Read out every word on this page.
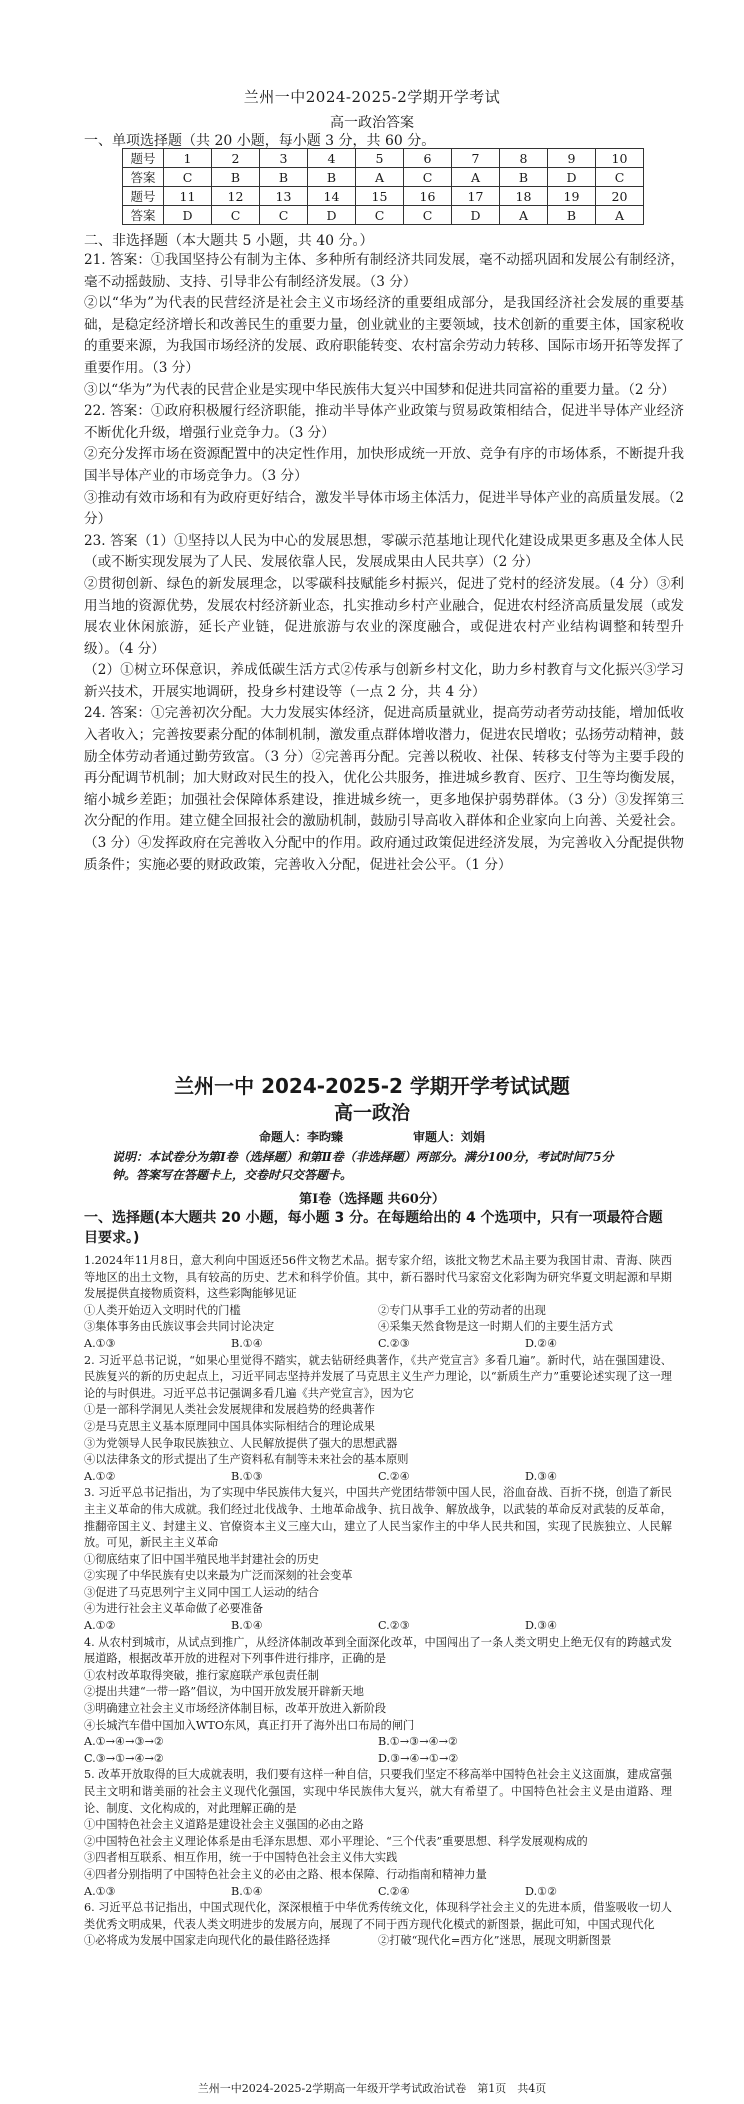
兰州一中2024-2025-2学期开学考试
高一政治答案
一、单项选择题（共 20 小题，每小题 3 分，共 60 分。
题号	1	2	3	4	5	6	7	8	9	10
答案	C	B	B	B	A	C	A	B	D	C
题号	11	12	13	14	15	16	17	18	19	20
答案	D	C	C	D	C	C	D	A	B	A
二、非选择题（本大题共 5 小题，共 40 分。）

21. 答案：①我国坚持公有制为主体、多种所有制经济共同发展，毫不动摇巩固和发展公有制经济，毫不动摇鼓励、支持、引导非公有制经济发展。（3 分）

②以“华为”为代表的民营经济是社会主义市场经济的重要组成部分，是我国经济社会发展的重要基础，是稳定经济增长和改善民生的重要力量，创业就业的主要领域，技术创新的重要主体，国家税收的重要来源，为我国市场经济的发展、政府职能转变、农村富余劳动力转移、国际市场开拓等发挥了重要作用。（3 分）

③以“华为”为代表的民营企业是实现中华民族伟大复兴中国梦和促进共同富裕的重要力量。（2 分）

22. 答案：①政府积极履行经济职能，推动半导体产业政策与贸易政策相结合，促进半导体产业经济不断优化升级，增强行业竞争力。（3 分）

②充分发挥市场在资源配置中的决定性作用，加快形成统一开放、竞争有序的市场体系，不断提升我国半导体产业的市场竞争力。（3 分）

③推动有效市场和有为政府更好结合，激发半导体市场主体活力，促进半导体产业的高质量发展。（2 分）

23. 答案（1）①坚持以人民为中心的发展思想，零碳示范基地让现代化建设成果更多惠及全体人民（或不断实现发展为了人民、发展依靠人民，发展成果由人民共享）（2 分）

②贯彻创新、绿色的新发展理念，以零碳科技赋能乡村振兴，促进了党村的经济发展。（4 分）③利用当地的资源优势，发展农村经济新业态，扎实推动乡村产业融合，促进农村经济高质量发展（或发展农业休闲旅游，延长产业链，促进旅游与农业的深度融合，或促进农村产业结构调整和转型升级）。（4 分）

（2）①树立环保意识，养成低碳生活方式②传承与创新乡村文化，助力乡村教育与文化振兴③学习新兴技术，开展实地调研，投身乡村建设等（一点 2 分，共 4 分）

24. 答案：①完善初次分配。大力发展实体经济，促进高质量就业，提高劳动者劳动技能，增加低收入者收入；完善按要素分配的体制机制，激发重点群体增收潜力，促进农民增收；弘扬劳动精神，鼓励全体劳动者通过勤劳致富。（3 分）②完善再分配。完善以税收、社保、转移支付等为主要手段的再分配调节机制；加大财政对民生的投入，优化公共服务，推进城乡教育、医疗、卫生等均衡发展，缩小城乡差距；加强社会保障体系建设，推进城乡统一，更多地保护弱势群体。（3 分）③发挥第三次分配的作用。建立健全回报社会的激励机制，鼓励引导高收入群体和企业家向上向善、关爱社会。（3 分）④发挥政府在完善收入分配中的作用。政府通过政策促进经济发展，为完善收入分配提供物质条件；实施必要的财政政策，完善收入分配，促进社会公平。（1 分）

兰州一中 2024-2025-2 学期开学考试试题
高一政治
命题人：李昀臻	审题人：刘娟
说明：本试卷分为第Ⅰ卷（选择题）和第Ⅱ卷（非选择题）两部分。满分100分，考试时间75分钟。答案写在答题卡上，交卷时只交答题卡。
第Ⅰ卷（选择题 共60分）
一、选择题(本大题共 20 小题，每小题 3 分。在每题给出的 4 个选项中，只有一项最符合题目要求。)

1.2024年11月8日，意大利向中国返还56件文物艺术品。据专家介绍，该批文物艺术品主要为我国甘肃、青海、陕西等地区的出土文物，具有较高的历史、艺术和科学价值。其中，新石器时代马家窑文化彩陶为研究华夏文明起源和早期发展提供直接物质资料，这些彩陶能够见证

①人类开始迈入文明时代的门槛	②专门从事手工业的劳动者的出现
③集体事务由氏族议事会共同讨论决定	④采集天然食物是这一时期人们的主要生活方式
A.①③	B.①④	C.②③	D.②④

2. 习近平总书记说，“如果心里觉得不踏实，就去钻研经典著作，《共产党宣言》多看几遍”。新时代，站在强国建设、民族复兴的新的历史起点上，习近平同志坚持并发展了马克思主义生产力理论，以“新质生产力”重要论述实现了这一理论的与时俱进。习近平总书记强调多看几遍《共产党宣言》，因为它

①是一部科学洞见人类社会发展规律和发展趋势的经典著作

②是马克思主义基本原理同中国具体实际相结合的理论成果

③为党领导人民争取民族独立、人民解放提供了强大的思想武器

④以法律条文的形式提出了生产资料私有制等未来社会的基本原则

A.①②	B.①③	C.②④	D.③④

3. 习近平总书记指出，为了实现中华民族伟大复兴，中国共产党团结带领中国人民，浴血奋战、百折不挠，创造了新民主主义革命的伟大成就。我们经过北伐战争、土地革命战争、抗日战争、解放战争，以武装的革命反对武装的反革命，推翻帝国主义、封建主义、官僚资本主义三座大山，建立了人民当家作主的中华人民共和国，实现了民族独立、人民解放。可见，新民主主义革命

①彻底结束了旧中国半殖民地半封建社会的历史

②实现了中华民族有史以来最为广泛而深刻的社会变革

③促进了马克思列宁主义同中国工人运动的结合

④为进行社会主义革命做了必要准备

A.①②	B.①④	C.②③	D.③④

4. 从农村到城市，从试点到推广，从经济体制改革到全面深化改革，中国闯出了一条人类文明史上绝无仅有的跨越式发展道路，根据改革开放的进程对下列事件进行排序，正确的是

①农村改革取得突破，推行家庭联产承包责任制

②提出共建“一带一路”倡议，为中国开放发展开辟新天地

③明确建立社会主义市场经济体制目标，改革开放进入新阶段

④长城汽车借中国加入WTO东风，真正打开了海外出口布局的闸门

A.①→④→③→②	B.①→③→④→②
C.③→①→④→②	D.③→④→①→②

5. 改革开放取得的巨大成就表明，我们要有这样一种自信，只要我们坚定不移高举中国特色社会主义这面旗，建成富强民主文明和谐美丽的社会主义现代化强国，实现中华民族伟大复兴，就大有希望了。中国特色社会主义是由道路、理论、制度、文化构成的，对此理解正确的是

①中国特色社会主义道路是建设社会主义强国的必由之路

②中国特色社会主义理论体系是由毛泽东思想、邓小平理论、“三个代表”重要思想、科学发展观构成的

③四者相互联系、相互作用，统一于中国特色社会主义伟大实践

④四者分别指明了中国特色社会主义的必由之路、根本保障、行动指南和精神力量

A.①③	B.①④	C.②④	D.①②

6. 习近平总书记指出，中国式现代化，深深根植于中华优秀传统文化，体现科学社会主义的先进本质，借鉴吸收一切人类优秀文明成果，代表人类文明进步的发展方向，展现了不同于西方现代化模式的新图景，据此可知，中国式现代化

①必将成为发展中国家走向现代化的最佳路径选择	②打破“现代化=西方化”迷思，展现文明新图景
兰州一中2024-2025-2学期高一年级开学考试政治试卷　第1页　共4页
